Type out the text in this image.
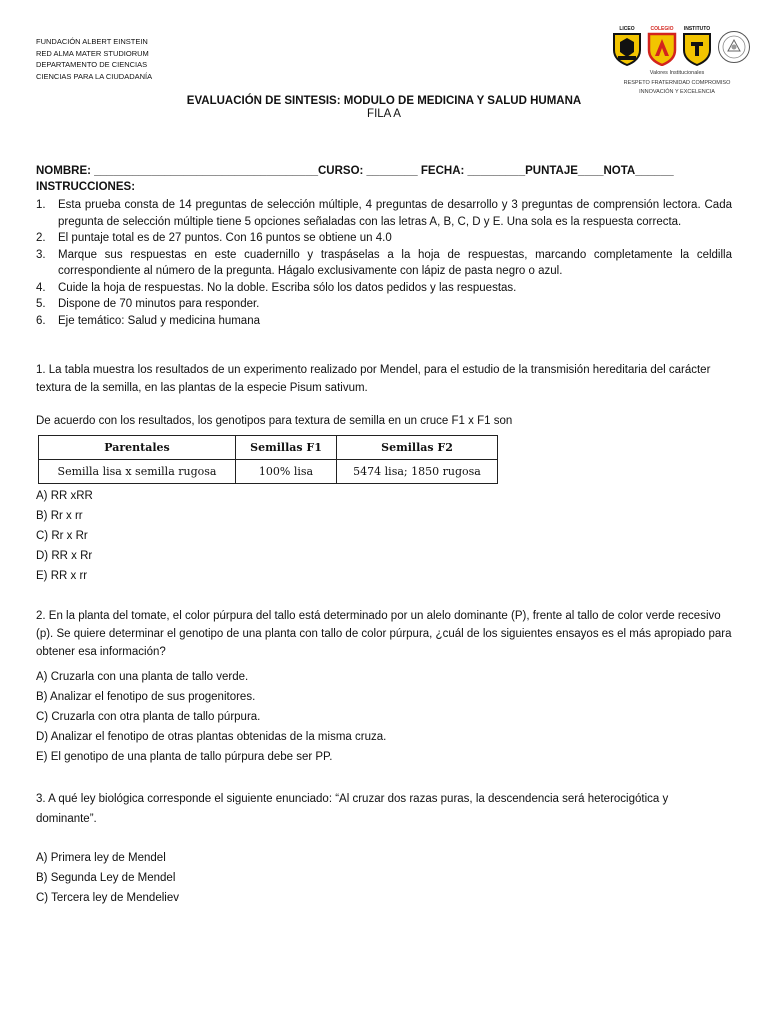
FUNDACIÓN ALBERT EINSTEIN
RED ALMA MATER STUDIORUM
DEPARTAMENTO DE CIENCIAS
CIENCIAS PARA LA CIUDADANÍA
LICEO	COLEGIO	INSTITUTO
Valores Institucionales
RESPETO FRATERNIDAD COMPROMISO
INNOVACIÓN Y EXCELENCIA
EVALUACIÓN DE SINTESIS: MODULO DE MEDICINA Y SALUD HUMANA
FILA A
NOMBRE: ___________________________________CURSO: ________ FECHA: _________PUNTAJE____NOTA______
INSTRUCCIONES:
1.	Esta prueba consta de 14 preguntas de selección múltiple, 4 preguntas de desarrollo y 3 preguntas de comprensión lectora. Cada pregunta de selección múltiple tiene 5 opciones señaladas con las letras A, B, C, D y E. Una sola es la respuesta correcta.
2.	El puntaje total es de 27 puntos. Con 16 puntos se obtiene un 4.0
3.	Marque sus respuestas en este cuadernillo y traspáselas a la hoja de respuestas, marcando completamente la celdilla correspondiente al número de la pregunta. Hágalo exclusivamente con lápiz de pasta negro o azul.
4.	Cuide la hoja de respuestas. No la doble. Escriba sólo los datos pedidos y las respuestas.
5.	Dispone de 70 minutos para responder.
6.	Eje temático: Salud y medicina humana
1. La tabla muestra los resultados de un experimento realizado por Mendel, para el estudio de la transmisión hereditaria del carácter textura de la semilla, en las plantas de la especie Pisum sativum.
De acuerdo con los resultados, los genotipos para textura de semilla en un cruce F1 x F1 son
Parentales	Semillas F1	Semillas F2
Semilla lisa x semilla rugosa	100% lisa	5474 lisa; 1850 rugosa
A) RR xRR
B) Rr x rr
C) Rr x Rr
D) RR x Rr
E) RR x rr
2. En la planta del tomate, el color púrpura del tallo está determinado por un alelo dominante (P), frente al tallo de color verde recesivo (p). Se quiere determinar el genotipo de una planta con tallo de color púrpura, ¿cuál de los siguientes ensayos es el más apropiado para obtener esa información?
A) Cruzarla con una planta de tallo verde.
B) Analizar el fenotipo de sus progenitores.
C) Cruzarla con otra planta de tallo púrpura.
D) Analizar el fenotipo de otras plantas obtenidas de la misma cruza.
E) El genotipo de una planta de tallo púrpura debe ser PP.
3. A qué ley biológica corresponde el siguiente enunciado: “Al cruzar dos razas puras, la descendencia será heterocigótica y dominante”.
A) Primera ley de Mendel
B) Segunda Ley de Mendel
C) Tercera ley de Mendeliev
